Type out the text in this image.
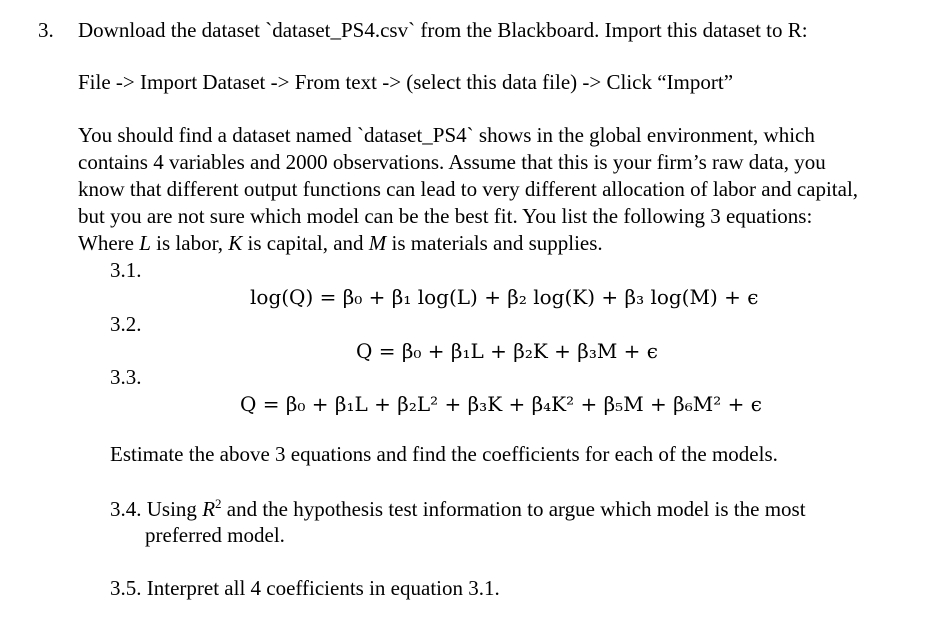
3. Download the dataset `dataset_PS4.csv` from the Blackboard. Import this dataset to R:
File -> Import Dataset -> From text -> (select this data file) -> Click “Import”

You should find a dataset named `dataset_PS4` shows in the global environment, which

contains 4 variables and 2000 observations. Assume that this is your firm’s raw data, you

know that different output functions can lead to very different allocation of labor and capital,

but you are not sure which model can be the best fit. You list the following 3 equations:

Where L is labor, K is capital, and M is materials and supplies.

3.1.
log(Q) = β₀ + β₁ log(L) + β₂ log(K) + β₃ log(M) + ϵ
3.2.
Q = β₀ + β₁L + β₂K + β₃M + ϵ
3.3.
Q = β₀ + β₁L + β₂L² + β₃K + β₄K² + β₅M + β₆M² + ϵ
Estimate the above 3 equations and find the coefficients for each of the models.
3.4. Using $R^2$ and the hypothesis test information to argue which model is the most
preferred model.
3.5. Interpret all 4 coefficients in equation 3.1.
